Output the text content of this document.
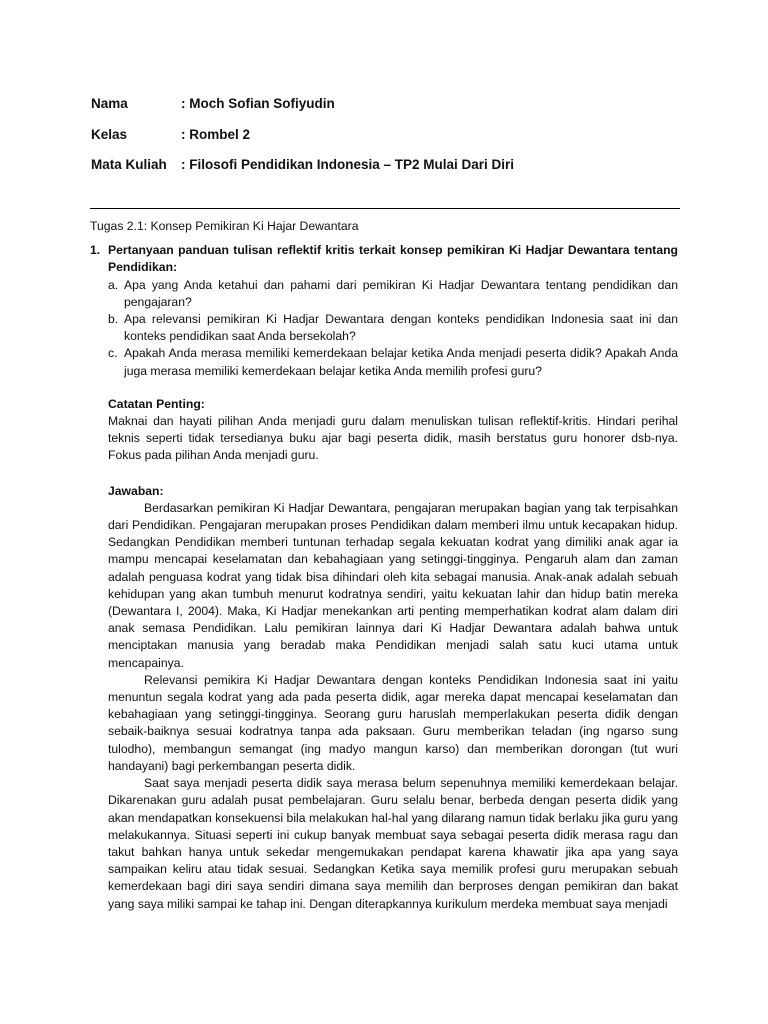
Nama	: Moch Sofian Sofiyudin
Kelas	: Rombel 2
Mata Kuliah : Filosofi Pendidikan Indonesia – TP2 Mulai Dari Diri
Tugas 2.1: Konsep Pemikiran Ki Hajar Dewantara
1. Pertanyaan panduan tulisan reflektif kritis terkait konsep pemikiran Ki Hadjar Dewantara tentang Pendidikan:
a. Apa yang Anda ketahui dan pahami dari pemikiran Ki Hadjar Dewantara tentang pendidikan dan pengajaran?
b. Apa relevansi pemikiran Ki Hadjar Dewantara dengan konteks pendidikan Indonesia saat ini dan konteks pendidikan saat Anda bersekolah?
c. Apakah Anda merasa memiliki kemerdekaan belajar ketika Anda menjadi peserta didik? Apakah Anda juga merasa memiliki kemerdekaan belajar ketika Anda memilih profesi guru?
Catatan Penting:
Maknai dan hayati pilihan Anda menjadi guru dalam menuliskan tulisan reflektif-kritis. Hindari perihal teknis seperti tidak tersedianya buku ajar bagi peserta didik, masih berstatus guru honorer dsb-nya. Fokus pada pilihan Anda menjadi guru.
Jawaban:
Berdasarkan pemikiran Ki Hadjar Dewantara, pengajaran merupakan bagian yang tak terpisahkan dari Pendidikan. Pengajaran merupakan proses Pendidikan dalam memberi ilmu untuk kecapakan hidup. Sedangkan Pendidikan memberi tuntunan terhadap segala kekuatan kodrat yang dimiliki anak agar ia mampu mencapai keselamatan dan kebahagiaan yang setinggi-tingginya. Pengaruh alam dan zaman adalah penguasa kodrat yang tidak bisa dihindari oleh kita sebagai manusia. Anak-anak adalah sebuah kehidupan yang akan tumbuh menurut kodratnya sendiri, yaitu kekuatan lahir dan hidup batin mereka (Dewantara I, 2004). Maka, Ki Hadjar menekankan arti penting memperhatikan kodrat alam dalam diri anak semasa Pendidikan. Lalu pemikiran lainnya dari Ki Hadjar Dewantara adalah bahwa untuk menciptakan manusia yang beradab maka Pendidikan menjadi salah satu kuci utama untuk mencapainya.
Relevansi pemikira Ki Hadjar Dewantara dengan konteks Pendidikan Indonesia saat ini yaitu menuntun segala kodrat yang ada pada peserta didik, agar mereka dapat mencapai keselamatan dan kebahagiaan yang setinggi-tingginya. Seorang guru haruslah memperlakukan peserta didik dengan sebaik-baiknya sesuai kodratnya tanpa ada paksaan. Guru memberikan teladan (ing ngarso sung tulodho), membangun semangat (ing madyo mangun karso) dan memberikan dorongan (tut wuri handayani) bagi perkembangan peserta didik.
Saat saya menjadi peserta didik saya merasa belum sepenuhnya memiliki kemerdekaan belajar. Dikarenakan guru adalah pusat pembelajaran. Guru selalu benar, berbeda dengan peserta didik yang akan mendapatkan konsekuensi bila melakukan hal-hal yang dilarang namun tidak berlaku jika guru yang melakukannya. Situasi seperti ini cukup banyak membuat saya sebagai peserta didik merasa ragu dan takut bahkan hanya untuk sekedar mengemukakan pendapat karena khawatir jika apa yang saya sampaikan keliru atau tidak sesuai. Sedangkan Ketika saya memilik profesi guru merupakan sebuah kemerdekaan bagi diri saya sendiri dimana saya memilih dan berproses dengan pemikiran dan bakat yang saya miliki sampai ke tahap ini. Dengan diterapkannya kurikulum merdeka membuat saya menjadi
